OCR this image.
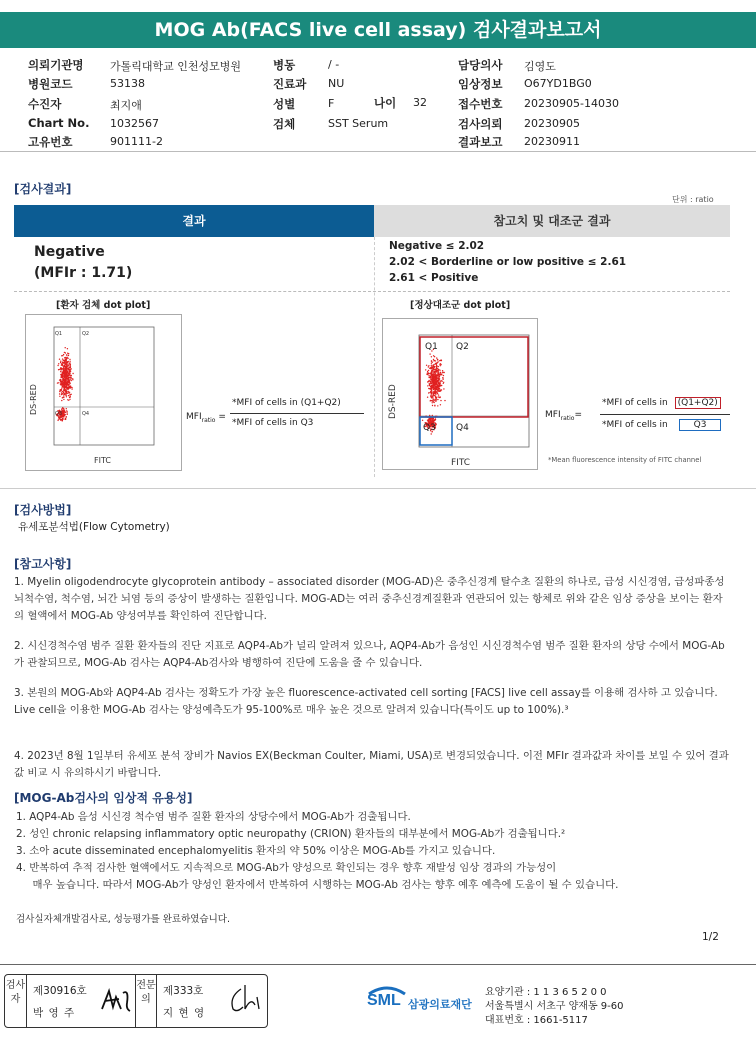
MOG Ab(FACS live cell assay) 검사결과보고서
의뢰기관명 가톨릭대학교 인천성모병원
병원코드	53138
수진자	최지애
Chart No. 1032567
고유번호	901111-2
병동	/ -
진료과 NU
성별	F
검체	SST Serum
담당의사 김영도
임상정보 O67YD1BG0
접수번호 20230905-14030
검사의뢰 20230905
결과보고 20230911
나이 32
[검사결과]
단위 : ratio
결과	참고치 및 대조군 결과
Negative
(MFIr : 1.71)
Negative ≤ 2.02
2.02 < Borderline or low positive ≤ 2.61
2.61 < Positive
[환자 검체 dot plot]
Q1	Q2
Q3	Q4
DS-RED
FITC
$MFI_{ratio}$ =
*MFI of cells in (Q1+Q2)
*MFI of cells in Q3
[정상대조군 dot plot]
Q1 Q2
Q3 Q4
DS-RED
FITC
$MFI_{ratio}=$
*MFI of cells in (Q1+Q2)
*MFI of cells in	Q3
*Mean fluorescence intensity of FITC channel
[검사방법]
유세포분석법(Flow Cytometry)
[참고사항]
1. Myelin oligodendrocyte glycoprotein antibody – associated disorder (MOG-AD)은 중추신경계 탈수초 질환의 하나로, 급성 시신경염, 급성파종성 뇌척수염, 척수염, 뇌간 뇌염 등의 증상이 발생하는 질환입니다. MOG-AD는 여러 중추신경계질환과 연관되어 있는 항체로 위와 같은 임상 증상을 보이는 환자의 혈액에서 MOG-Ab 양성여부를 확인하여 진단합니다.
2. 시신경척수염 범주 질환 환자들의 진단 지표로 AQP4-Ab가 널리 알려져 있으나, AQP4-Ab가 음성인 시신경척수염 범주 질환 환자의 상당 수에서 MOG-Ab가 관찰되므로, MOG-Ab 검사는 AQP4-Ab검사와 병행하여 진단에 도움을 줄 수 있습니다.
3. 본원의 MOG-Ab와 AQP4-Ab 검사는 정확도가 가장 높은 fluorescence-activated cell sorting [FACS] live cell assay를 이용해 검사하 고 있습니다. Live cell을 이용한 MOG-Ab 검사는 양성예측도가 95-100%로 매우 높은 것으로 알려져 있습니다(특이도 up to 100%).³
4. 2023년 8월 1일부터 유세포 분석 장비가 Navios EX(Beckman Coulter, Miami, USA)로 변경되었습니다. 이전 MFIr 결과값과 차이를 보일 수 있어 결과값 비교 시 유의하시기 바랍니다.
[MOG-Ab검사의 임상적 유용성]
1. AQP4-Ab 음성 시신경 척수염 범주 질환 환자의 상당수에서 MOG-Ab가 검출됩니다.
2. 성인 chronic relapsing inflammatory optic neuropathy (CRION) 환자들의 대부분에서 MOG-Ab가 검출됩니다.²
3. 소아 acute disseminated encephalomyelitis 환자의 약 50% 이상은 MOG-Ab를 가지고 있습니다.
4. 반복하여 추적 검사한 혈액에서도 지속적으로 MOG-Ab가 양성으로 확인되는 경우 향후 재발성 임상 경과의 가능성이
매우 높습니다. 따라서 MOG-Ab가 양성인 환자에서 반복하여 시행하는 MOG-Ab 검사는 향후 예후 예측에 도움이 될 수 있습니다.
검사실자체개발검사로, 성능평가를 완료하였습니다.
1/2
검사자
제30916호
박 영 주
전문의
제333호
지 현 영
SML 삼광의료재단
요양기관 : 1 1 3 6 5 2 0 0
서울특별시 서초구 양재동 9-60
대표번호 : 1661-5117
